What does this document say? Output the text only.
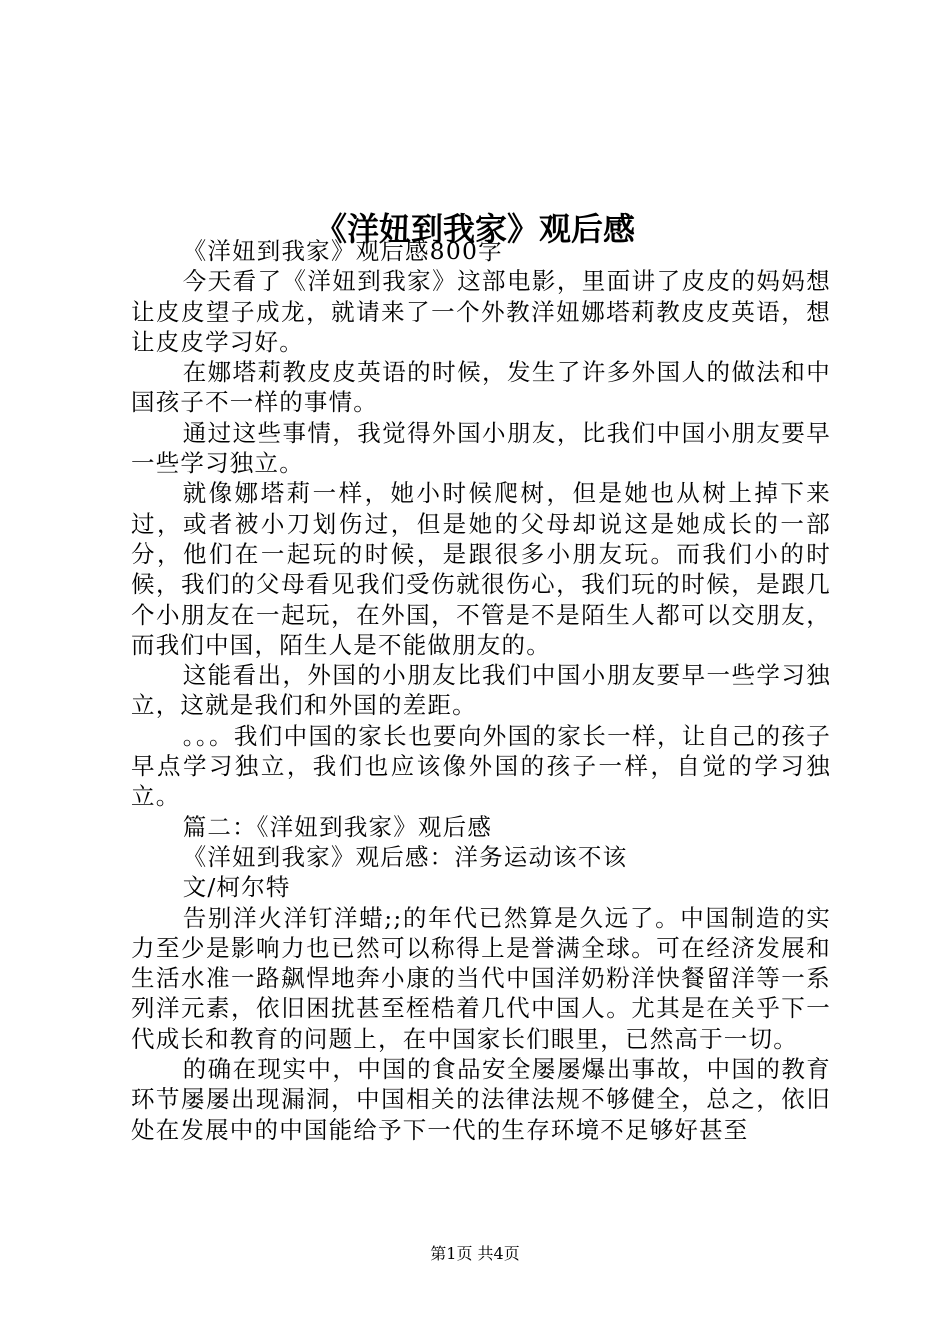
《洋妞到我家》观后感

《洋妞到我家》观后感800字

今天看了《洋妞到我家》这部电影，里面讲了皮皮的妈妈想让皮皮望子成龙，就请来了一个外教洋妞娜塔莉教皮皮英语，想让皮皮学习好。

在娜塔莉教皮皮英语的时候，发生了许多外国人的做法和中国孩子不一样的事情。

通过这些事情，我觉得外国小朋友，比我们中国小朋友要早一些学习独立。

就像娜塔莉一样，她小时候爬树，但是她也从树上掉下来过，或者被小刀划伤过，但是她的父母却说这是她成长的一部分，他们在一起玩的时候，是跟很多小朋友玩。而我们小的时候，我们的父母看见我们受伤就很伤心，我们玩的时候，是跟几个小朋友在一起玩，在外国，不管是不是陌生人都可以交朋友，而我们中国，陌生人是不能做朋友的。

这能看出，外国的小朋友比我们中国小朋友要早一些学习独立，这就是我们和外国的差距。

。。。我们中国的家长也要向外国的家长一样，让自己的孩子早点学习独立，我们也应该像外国的孩子一样，自觉的学习独立。

篇二：《洋妞到我家》观后感

《洋妞到我家》观后感：洋务运动该不该

文/柯尔特

告别洋火洋钉洋蜡;;的年代已然算是久远了。中国制造的实力至少是影响力也已然可以称得上是誉满全球。可在经济发展和生活水准一路飙悍地奔小康的当代中国洋奶粉洋快餐留洋等一系列洋元素，依旧困扰甚至桎梏着几代中国人。尤其是在关乎下一代成长和教育的问题上，在中国家长们眼里，已然高于一切。

的确在现实中，中国的食品安全屡屡爆出事故，中国的教育环节屡屡出现漏洞，中国相关的法律法规不够健全，总之，依旧处在发展中的中国能给予下一代的生存环境不足够好甚至

第1页 共4页
